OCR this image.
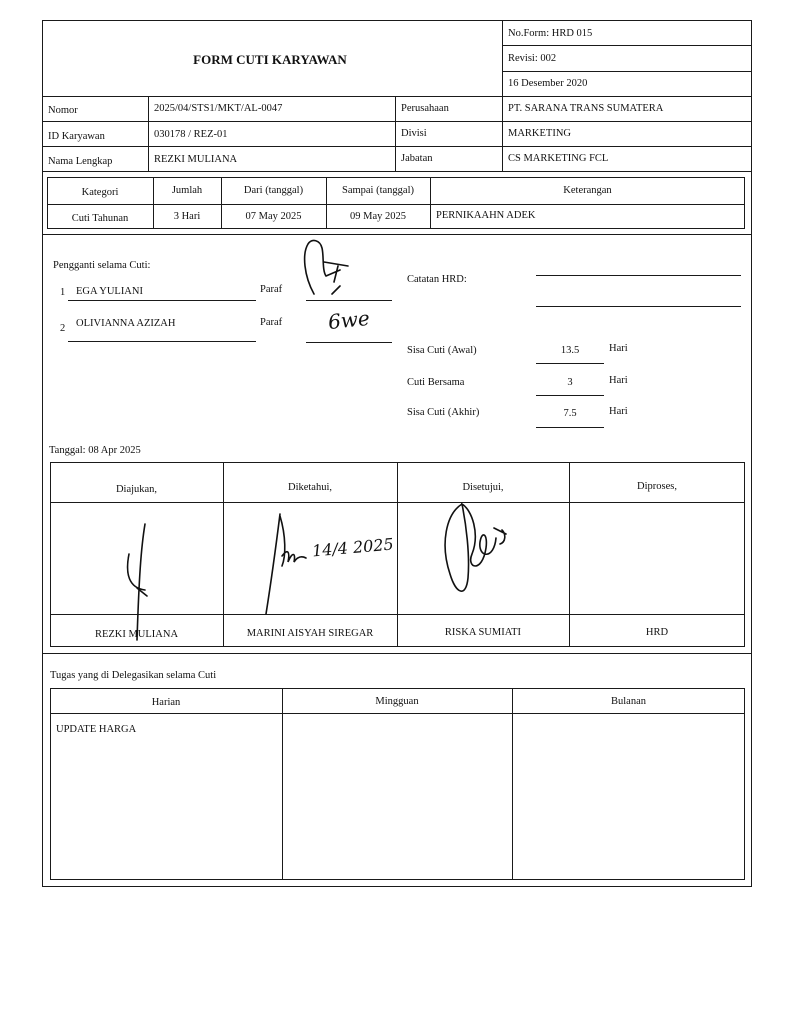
FORM CUTI KARYAWAN
No.Form: HRD 015
Revisi: 002
16 Desember 2020
Nomor	2025/04/STS1/MKT/AL-0047	Perusahaan	PT. SARANA TRANS SUMATERA
ID Karyawan	030178 / REZ-01	Divisi	MARKETING
Nama Lengkap	REZKI MULIANA	Jabatan	CS MARKETING FCL
Kategori	Jumlah	Dari (tanggal)	Sampai (tanggal)	Keterangan
Cuti Tahunan	3 Hari	07 May 2025	09 May 2025	PERNIKAAHN ADEK
Pengganti selama Cuti:
1 EGA YULIANI	Paraf
2 OLIVIANNA AZIZAH	Paraf 6we
Catatan HRD:
Sisa Cuti (Awal)	13.5	Hari
Cuti Bersama	3	Hari
Sisa Cuti (Akhir)	7.5	Hari
Tanggal: 08 Apr 2025
Diajukan,	Diketahui,	Disetujui,	Diproses,
REZKI MULIANA	MARINI AISYAH SIREGAR	RISKA SUMIATI	HRD
14/4 2025
Tugas yang di Delegasikan selama Cuti
Harian	Mingguan	Bulanan
UPDATE HARGA
